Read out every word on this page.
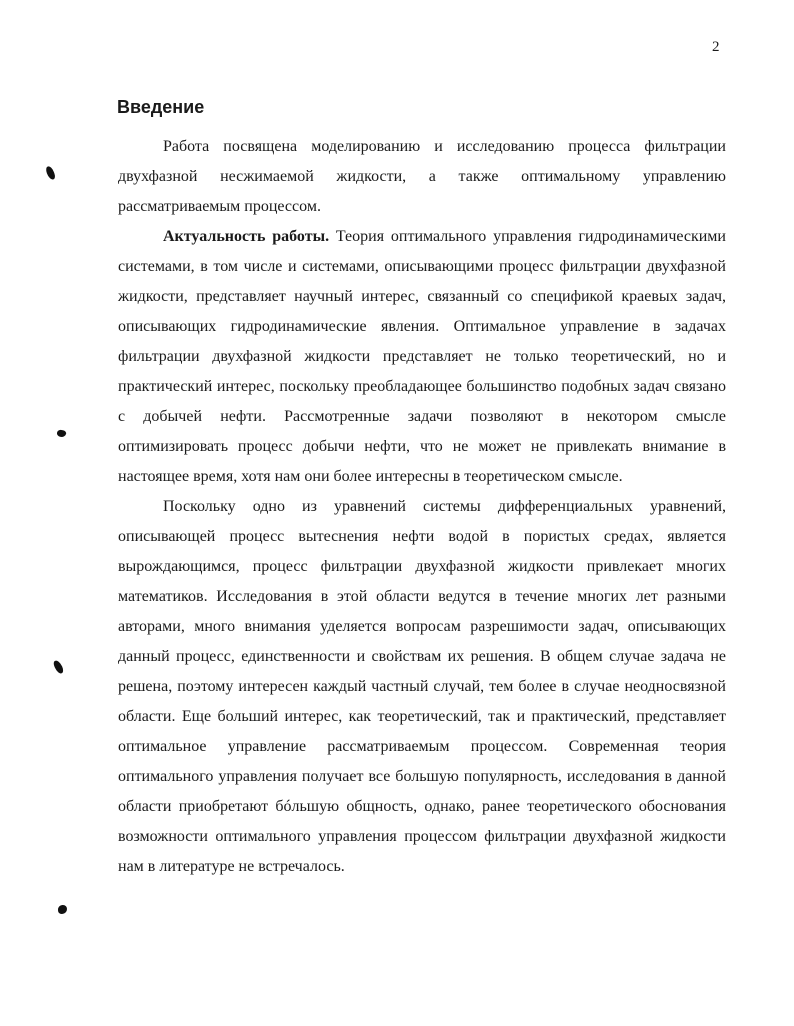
2
Введение

Работа посвящена моделированию и исследованию процесса фильтрации двухфазной несжимаемой жидкости, а также оптимальному управлению рассматриваемым процессом.

Актуальность работы. Теория оптимального управления гидродинамическими системами, в том числе и системами, описывающими процесс фильтрации двухфазной жидкости, представляет научный интерес, связанный со спецификой краевых задач, описывающих гидродинамические явления. Оптимальное управление в задачах фильтрации двухфазной жидкости представляет не только теоретический, но и практический интерес, поскольку преобладающее большинство подобных задач связано с добычей нефти. Рассмотренные задачи позволяют в некотором смысле оптимизировать процесс добычи нефти, что не может не привлекать внимание в настоящее время, хотя нам они более интересны в теоретическом смысле.

Поскольку одно из уравнений системы дифференциальных уравнений, описывающей процесс вытеснения нефти водой в пористых средах, является вырождающимся, процесс фильтрации двухфазной жидкости привлекает многих математиков. Исследования в этой области ведутся в течение многих лет разными авторами, много внимания уделяется вопросам разрешимости задач, описывающих данный процесс, единственности и свойствам их решения. В общем случае задача не решена, поэтому интересен каждый частный случай, тем более в случае неодносвязной области. Еще больший интерес, как теоретический, так и практический, представляет оптимальное управление рассматриваемым процессом. Современная теория оптимального управления получает все большую популярность, исследования в данной области приобретают бóльшую общность, однако, ранее теоретического обоснования возможности оптимального управления процессом фильтрации двухфазной жидкости нам в литературе не встречалось.
